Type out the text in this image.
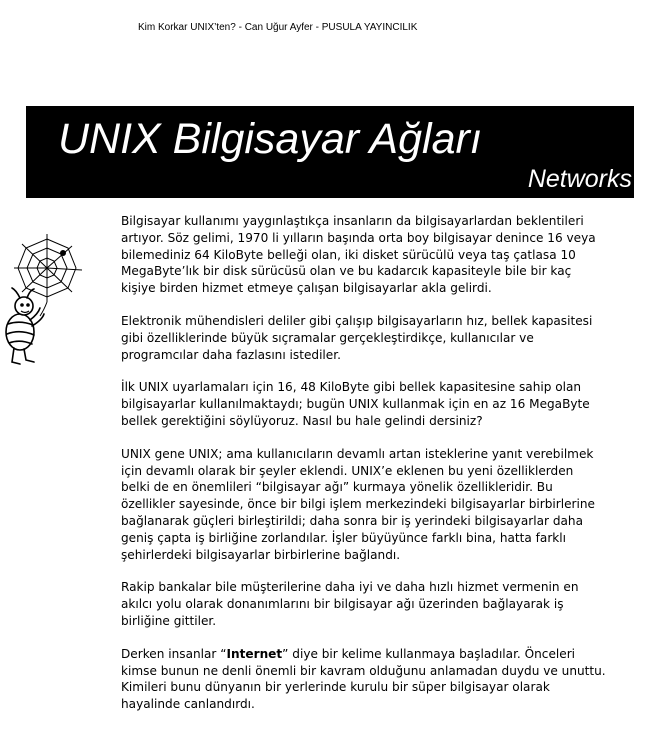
Kim Korkar UNIX’ten? - Can Uğur Ayfer - PUSULA YAYINCILIK
UNIX Bilgisayar Ağları
Networks
Bilgisayar kullanımı yaygınlaştıkça insanların da bilgisayarlardan beklentileri
artıyor. Söz gelimi, 1970 li yılların başında orta boy bilgisayar denince 16 veya
bilemediniz 64 KiloByte belleği olan, iki disket sürücülü veya taş çatlasa 10
MegaByte’lık bir disk sürücüsü olan ve bu kadarcık kapasiteyle bile bir kaç
kişiye birden hizmet etmeye çalışan bilgisayarlar akla gelirdi.
Elektronik mühendisleri deliler gibi çalışıp bilgisayarların hız, bellek kapasitesi
gibi özelliklerinde büyük sıçramalar gerçekleştirdikçe, kullanıcılar ve
programcılar daha fazlasını istediler.
İlk UNIX uyarlamaları için 16, 48 KiloByte gibi bellek kapasitesine sahip olan
bilgisayarlar kullanılmaktaydı; bugün UNIX kullanmak için en az 16 MegaByte
bellek gerektiğini söylüyoruz. Nasıl bu hale gelindi dersiniz?
UNIX gene UNIX; ama kullanıcıların devamlı artan isteklerine yanıt verebilmek
için devamlı olarak bir şeyler eklendi. UNIX’e eklenen bu yeni özelliklerden
belki de en önemlileri “bilgisayar ağı” kurmaya yönelik özellikleridir. Bu
özellikler sayesinde, önce bir bilgi işlem merkezindeki bilgisayarlar birbirlerine
bağlanarak güçleri birleştirildi; daha sonra bir iş yerindeki bilgisayarlar daha
geniş çapta iş birliğine zorlandılar. İşler büyüyünce farklı bina, hatta farklı
şehirlerdeki bilgisayarlar birbirlerine bağlandı.
Rakip bankalar bile müşterilerine daha iyi ve daha hızlı hizmet vermenin en
akılcı yolu olarak donanımlarını bir bilgisayar ağı üzerinden bağlayarak iş
birliğine gittiler.
Derken insanlar “Internet” diye bir kelime kullanmaya başladılar. Önceleri
kimse bunun ne denli önemli bir kavram olduğunu anlamadan duydu ve unuttu.
Kimileri bunu dünyanın bir yerlerinde kurulu bir süper bilgisayar olarak
hayalinde canlandırdı.
